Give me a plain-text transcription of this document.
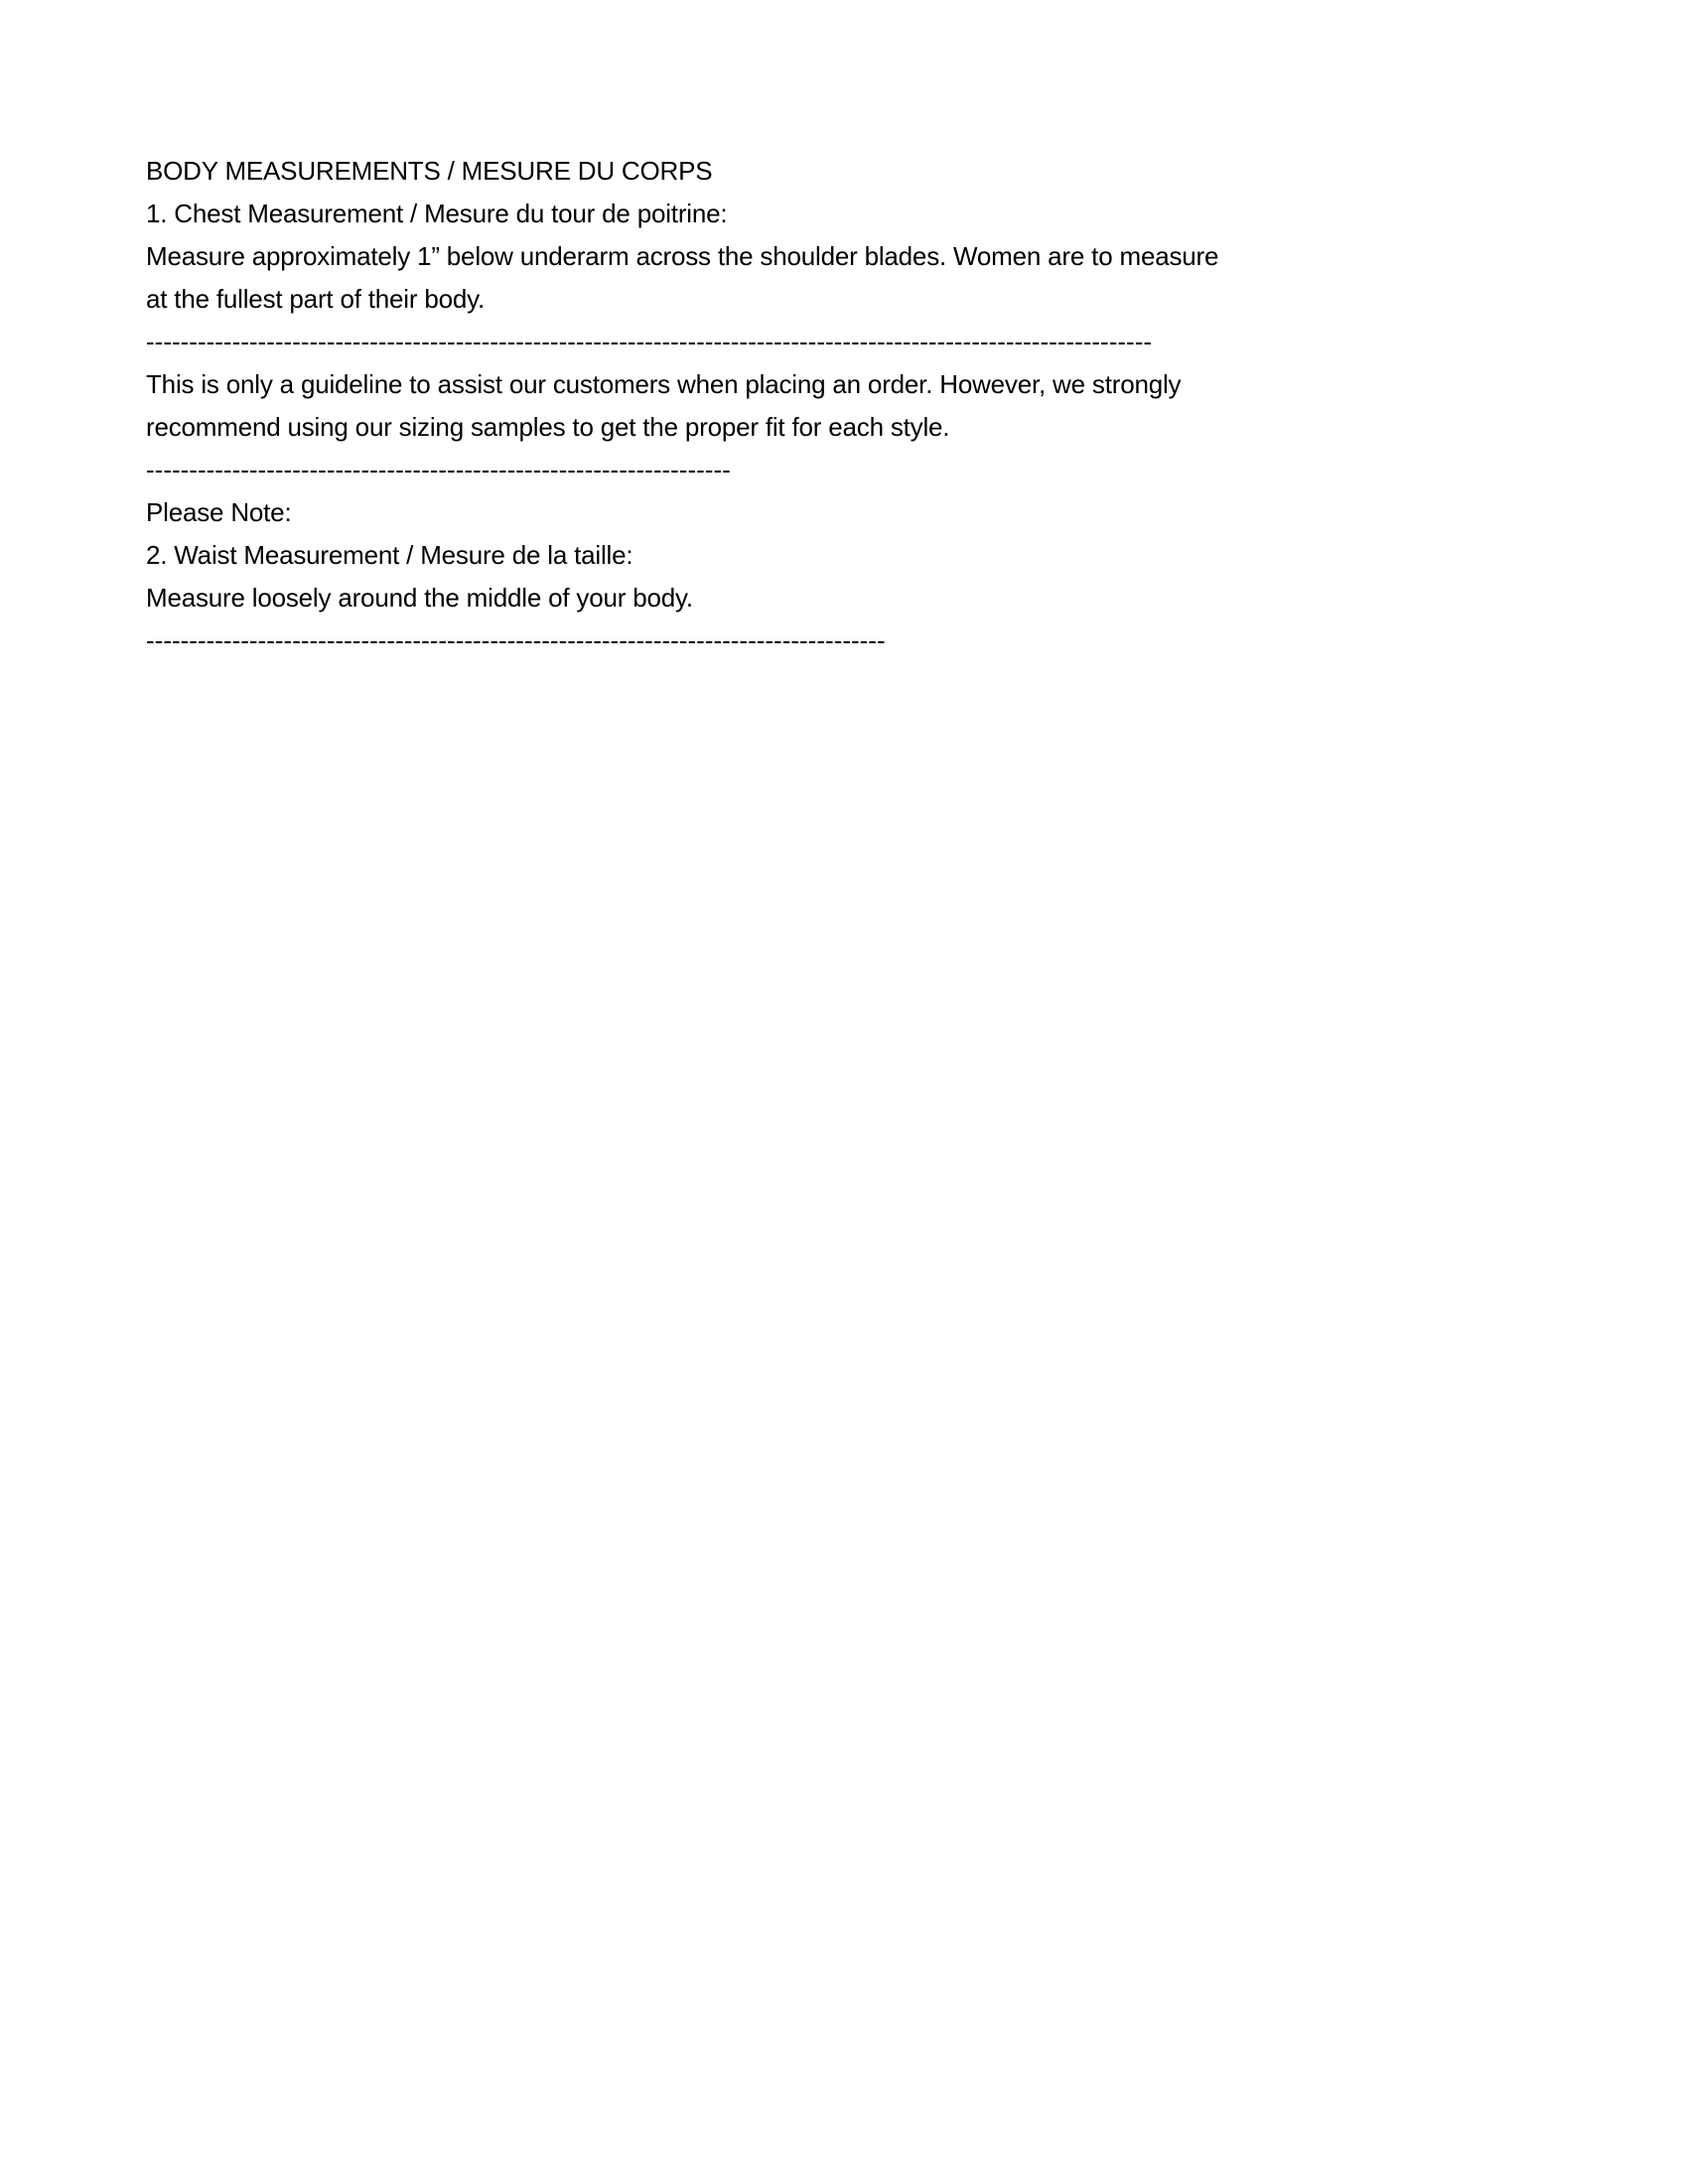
BODY MEASUREMENTS / MESURE DU CORPS
1. Chest Measurement / Mesure du tour de poitrine:
Measure approximately 1” below underarm across the shoulder blades. Women are to measure
at the fullest part of their body.
---------------------------------------------------------------------------------------------------------------------
This is only a guideline to assist our customers when placing an order. However, we strongly
recommend using our sizing samples to get the proper fit for each style.
--------------------------------------------------------------------
Please Note:
2. Waist Measurement / Mesure de la taille:
Measure loosely around the middle of your body.
--------------------------------------------------------------------------------------
